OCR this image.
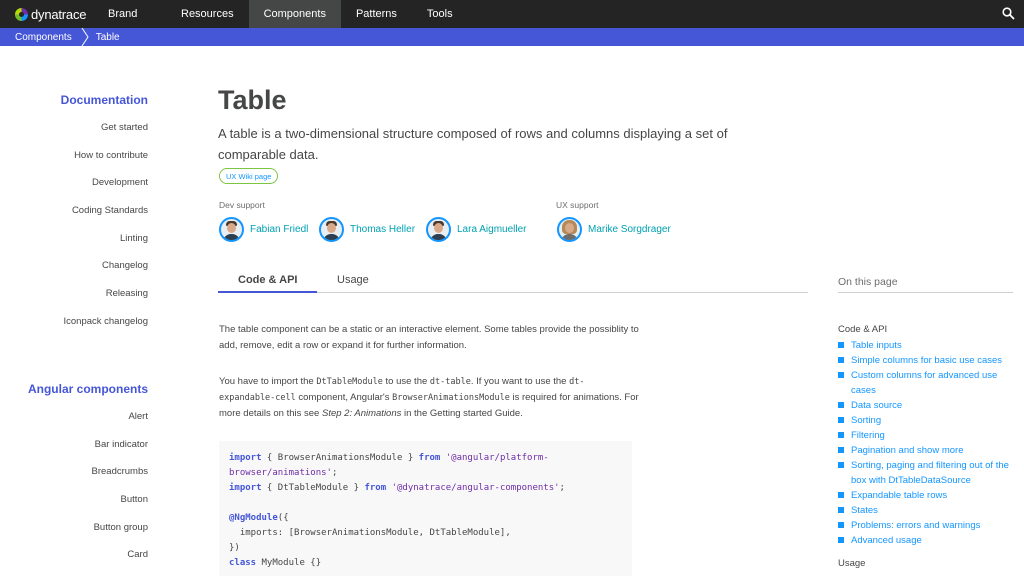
dynatrace Brand	Resources	Components	Patterns	Tools
Components Table
Documentation
Get started
How to contribute
Development
Coding Standards
Linting
Changelog
Releasing
Iconpack changelog
Angular components
Alert
Bar indicator
Breadcrumbs
Button
Button group
Card
Table

A table is a two-dimensional structure composed of rows and columns displaying a set of comparable data.

UX Wiki page
Dev support	UX support
Fabian Friedl	Thomas Heller	Lara Aigmueller	Marike Sorgdrager
Code & API	Usage

The table component can be a static or an interactive element. Some tables provide the possiblity to add, remove, edit a row or expand it for further information.

You have to import the DtTableModule to use the dt-table. If you want to use the dt-expandable-cell component, Angular's BrowserAnimationsModule is required for animations. For more details on this see Step 2: Animations in the Getting started Guide.

import { BrowserAnimationsModule } from '@angular/platform-
browser/animations';
import { DtTableModule } from '@dynatrace/angular-components';

@NgModule({
imports: [BrowserAnimationsModule, DtTableModule],
})
class MyModule {}
On this page
Code & API
Table inputs
Simple columns for basic use cases
Custom columns for advanced use cases
Data source
Sorting
Filtering
Pagination and show more
Sorting, paging and filtering out of the box with DtTableDataSource
Expandable table rows
States
Problems: errors and warnings
Advanced usage
Usage
